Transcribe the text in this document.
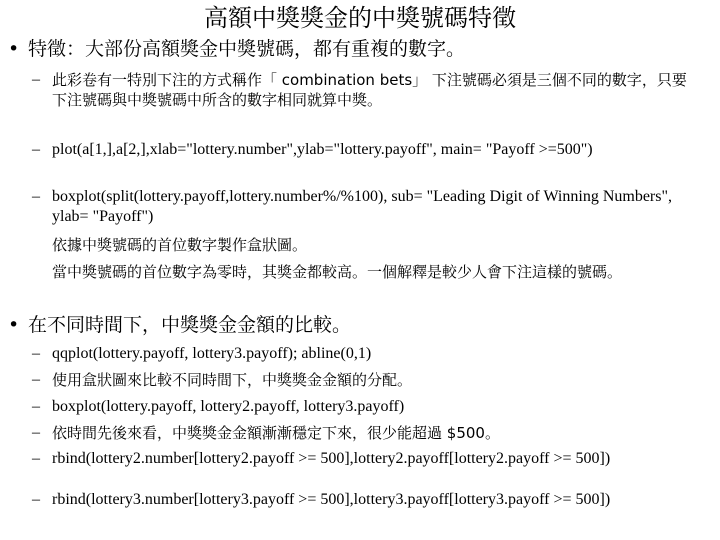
高額中獎獎金的中獎號碼特徵
• 特徵：大部份高額獎金中獎號碼，都有重複的數字。
– 此彩卷有一特別下注的方式稱作「 combination bets」 下注號碼必須是三個不同的數字，只要下注號碼與中獎號碼中所含的數字相同就算中獎。
– plot(a[1,],a[2,],xlab="lottery.number",ylab="lottery.payoff", main= "Payoff >=500")
– boxplot(split(lottery.payoff,lottery.number%/%100), sub= "Leading Digit of Winning Numbers", ylab= "Payoff")
依據中獎號碼的首位數字製作盒狀圖。
當中獎號碼的首位數字為零時，其獎金都較高。一個解釋是較少人會下注這樣的號碼。
• 在不同時間下，中獎獎金金額的比較。
– qqplot(lottery.payoff, lottery3.payoff); abline(0,1)
– 使用盒狀圖來比較不同時間下，中獎獎金金額的分配。
– boxplot(lottery.payoff, lottery2.payoff, lottery3.payoff)
– 依時間先後來看，中獎獎金金額漸漸穩定下來，很少能超過 $500。
– rbind(lottery2.number[lottery2.payoff >= 500],lottery2.payoff[lottery2.payoff >= 500])
– rbind(lottery3.number[lottery3.payoff >= 500],lottery3.payoff[lottery3.payoff >= 500])
